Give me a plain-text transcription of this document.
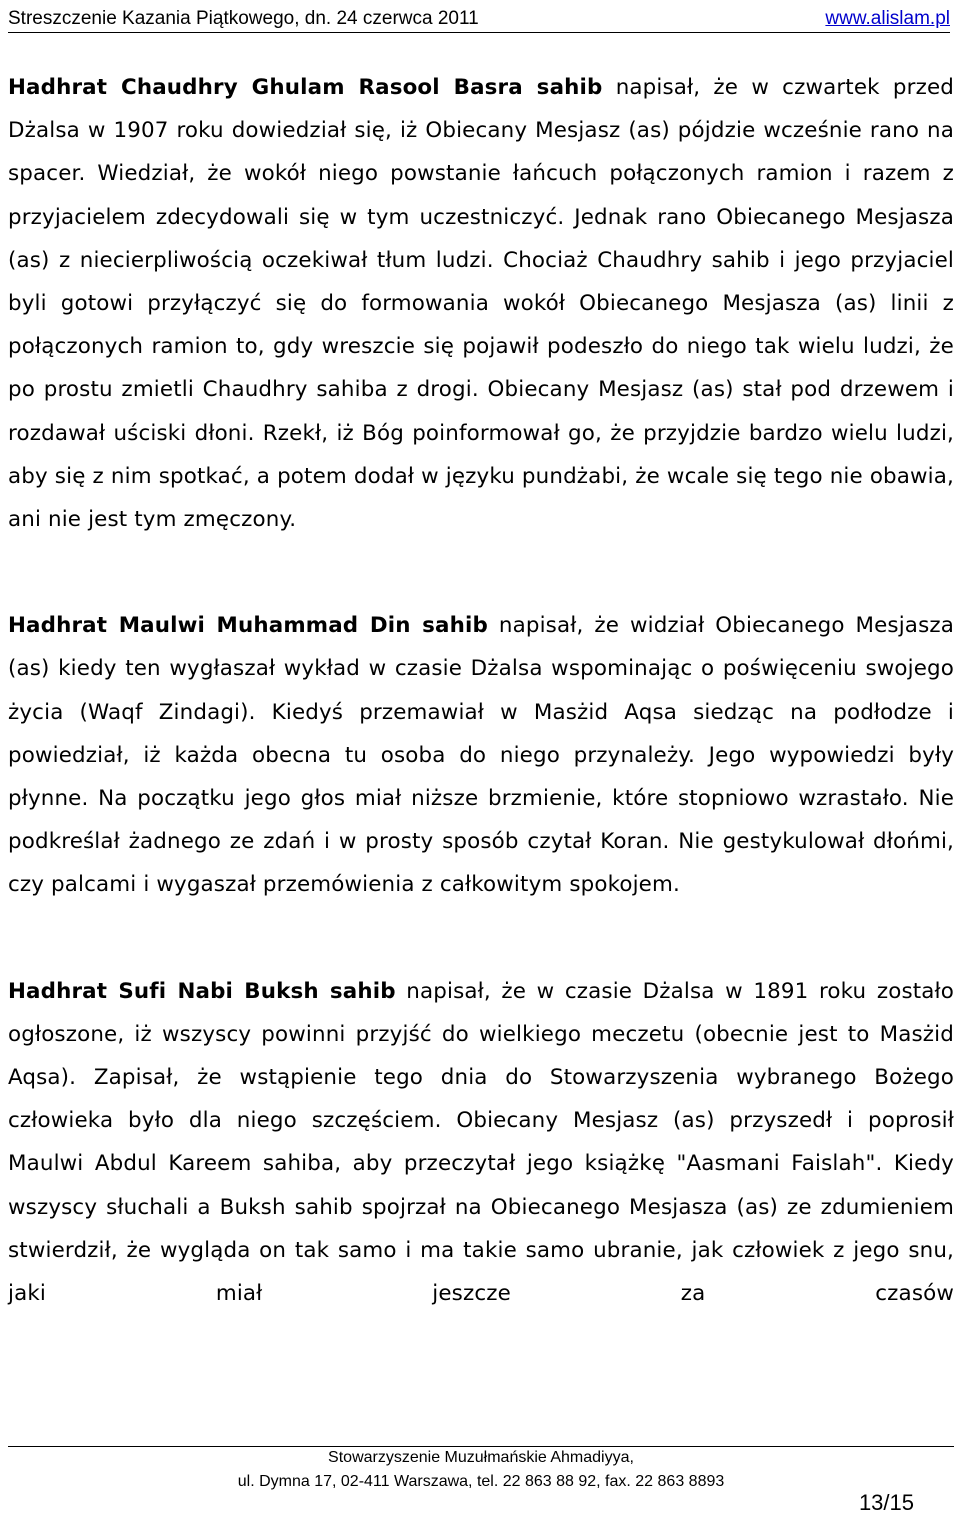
Streszczenie Kazania Piątkowego, dn. 24 czerwca 2011	www.alislam.pl

Hadhrat Chaudhry Ghulam Rasool Basra sahib napisał, że w czwartek przed Dżalsa w 1907 roku dowiedział się, iż Obiecany Mesjasz (as) pójdzie wcześnie rano na spacer. Wiedział, że wokół niego powstanie łańcuch połączonych ramion i razem z przyjacielem zdecydowali się w tym uczestniczyć. Jednak rano Obiecanego Mesjasza (as) z niecierpliwością oczekiwał tłum ludzi. Chociaż Chaudhry sahib i jego przyjaciel byli gotowi przyłączyć się do formowania wokół Obiecanego Mesjasza (as) linii z połączonych ramion to, gdy wreszcie się pojawił podeszło do niego tak wielu ludzi, że po prostu zmietli Chaudhry sahiba z drogi. Obiecany Mesjasz (as) stał pod drzewem i rozdawał uściski dłoni. Rzekł, iż Bóg poinformował go, że przyjdzie bardzo wielu ludzi, aby się z nim spotkać, a potem dodał w języku pundżabi, że wcale się tego nie obawia, ani nie jest tym zmęczony.

Hadhrat Maulwi Muhammad Din sahib napisał, że widział Obiecanego Mesjasza (as) kiedy ten wygłaszał wykład w czasie Dżalsa wspominając o poświęceniu swojego życia (Waqf Zindagi). Kiedyś przemawiał w Masżid Aqsa siedząc na podłodze i powiedział, iż każda obecna tu osoba do niego przynależy. Jego wypowiedzi były płynne. Na początku jego głos miał niższe brzmienie, które stopniowo wzrastało. Nie podkreślał żadnego ze zdań i w prosty sposób czytał Koran. Nie gestykulował dłońmi, czy palcami i wygaszał przemówienia z całkowitym spokojem.

Hadhrat Sufi Nabi Buksh sahib napisał, że w czasie Dżalsa w 1891 roku zostało ogłoszone, iż wszyscy powinni przyjść do wielkiego meczetu (obecnie jest to Masżid Aqsa). Zapisał, że wstąpienie tego dnia do Stowarzyszenia wybranego Bożego człowieka było dla niego szczęściem. Obiecany Mesjasz (as) przyszedł i poprosił Maulwi Abdul Kareem sahiba, aby przeczytał jego książkę "Aasmani Faislah". Kiedy wszyscy słuchali a Buksh sahib spojrzał na Obiecanego Mesjasza (as) ze zdumieniem stwierdził, że wygląda on tak samo i ma takie samo ubranie, jak człowiek z jego snu, jaki miał jeszcze za czasów

Stowarzyszenie Muzułmańskie Ahmadiyya,
ul. Dymna 17, 02-411 Warszawa, tel. 22 863 88 92, fax. 22 863 8893
13/15
